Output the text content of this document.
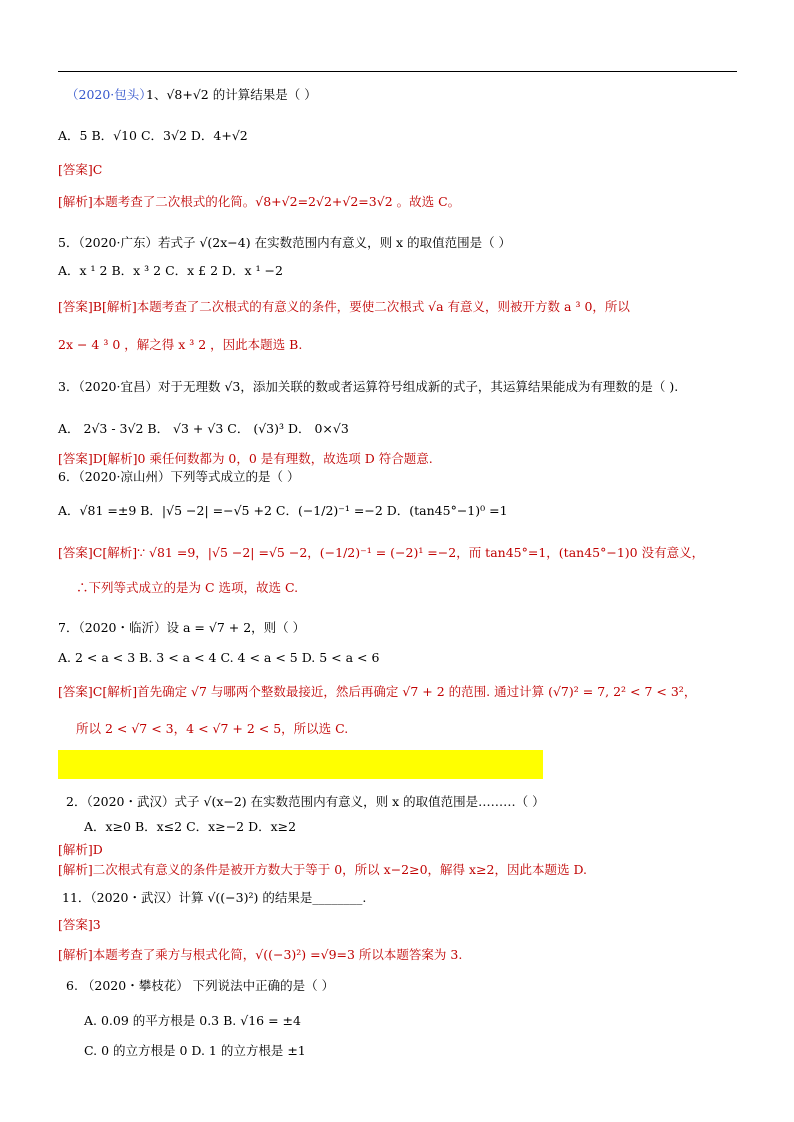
（2020·包头）
1、√8+√2 的计算结果是（ ）
A．5 B．√10 C．3√2 D．4+√2
[答案]C
[解析]本题考查了二次根式的化简。√8+√2=2√2+√2=3√2 。故选 C。
5．（2020·广东）若式子 √(2x−4) 在实数范围内有意义，则 x 的取值范围是（ ）
A．x ¹ 2 B．x ³ 2 C．x £ 2 D．x ¹ −2
[答案]B[解析]本题考查了二次根式的有意义的条件，要使二次根式 √a 有意义，则被开方数 a ³ 0，所以
2x − 4 ³ 0 ，解之得 x ³ 2 ，因此本题选 B.
3．（2020·宜昌）对于无理数 √3，添加关联的数或者运算符号组成新的式子，其运算结果能成为有理数的是（ ).
A． 2√3 - 3√2 B． √3 + √3 C． (√3)³ D． 0×√3
[答案]D[解析]0 乘任何数都为 0，0 是有理数，故选项 D 符合题意.
6．（2020·凉山州）下列等式成立的是（ ）
A．√81 =±9 B．|√5 −2| =−√5 +2 C．(−1/2)⁻¹ =−2 D．(tan45°−1)⁰ =1
[答案]C[解析]∵ √81 =9，|√5 −2| =√5 −2，(−1/2)⁻¹ = (−2)¹ =−2，而 tan45°=1，(tan45°−1)0 没有意义，
∴下列等式成立的是为 C 选项，故选 C.
7．（2020・临沂）设 a = √7 + 2，则（ ）
A. 2 < a < 3 B. 3 < a < 4 C. 4 < a < 5 D. 5 < a < 6
[答案]C[解析]首先确定 √7 与哪两个整数最接近，然后再确定 √7 + 2 的范围. 通过计算 (√7)² = 7, 2² < 7 < 3²，
所以 2 < √7 < 3，4 < √7 + 2 < 5，所以选 C.
2．（2020・武汉）式子 √(x−2) 在实数范围内有意义，则 x 的取值范围是………（ ）
A．x≥0 B．x≤2 C．x≥−2 D．x≥2
[解析]D
[解析]二次根式有意义的条件是被开方数大于等于 0，所以 x−2≥0，解得 x≥2，因此本题选 D.
11．（2020・武汉）计算 √((−3)²) 的结果是________.
[答案]3
[解析]本题考查了乘方与根式化简，√((−3)²) =√9=3 所以本题答案为 3.
6. （2020・攀枝花） 下列说法中正确的是（ ）
A. 0.09 的平方根是 0.3 B. √16 = ±4
C. 0 的立方根是 0 D. 1 的立方根是 ±1
